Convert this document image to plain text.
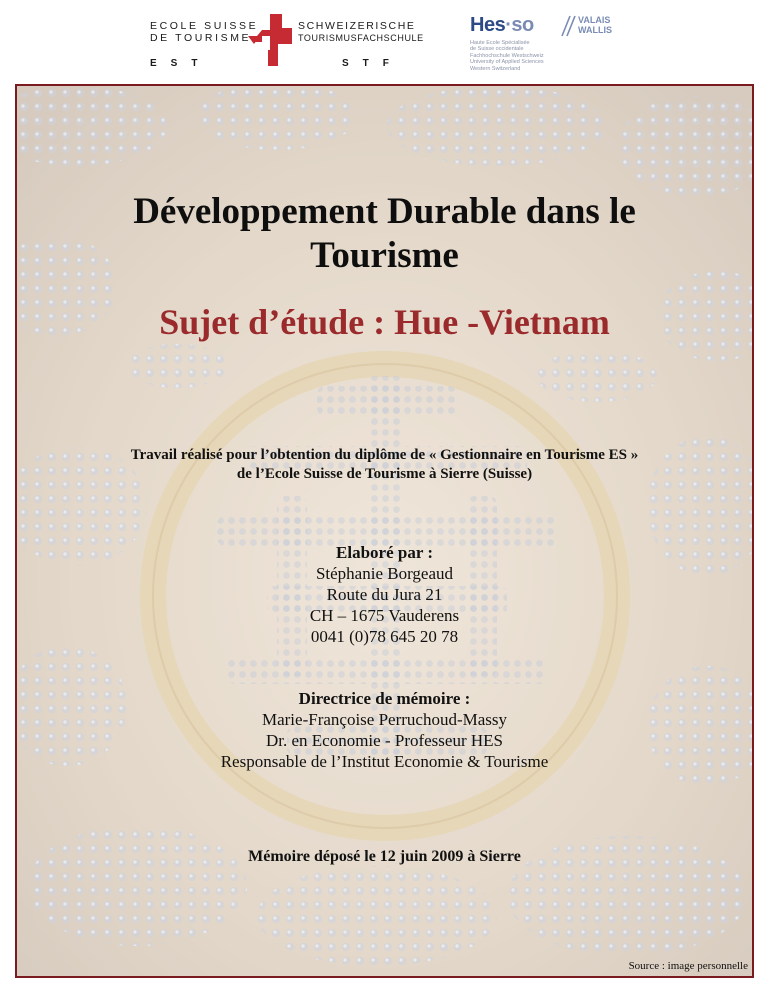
ECOLE SUISSE
DE TOURISME
SCHWEIZERISCHE
TOURISMUSFACHSCHULE
EST	STF
Hes·so	VALAIS
WALLIS
Haute Ecole Spécialisée
de Suisse occidentale
Fachhochschule Westschweiz
University of Applied Sciences
Western Switzerland
Développement Durable dans le
Tourisme
Sujet d’étude : Hue -Vietnam
Travail réalisé pour l’obtention du diplôme de « Gestionnaire en Tourisme ES »
de l’Ecole Suisse de Tourisme à Sierre (Suisse)
Elaboré par :
Stéphanie Borgeaud
Route du Jura 21
CH – 1675 Vauderens
0041 (0)78 645 20 78
Directrice de mémoire :
Marie-Françoise Perruchoud-Massy
Dr. en Economie - Professeur HES
Responsable de l’Institut Economie & Tourisme
Mémoire déposé le 12 juin 2009 à Sierre
Source : image personnelle
